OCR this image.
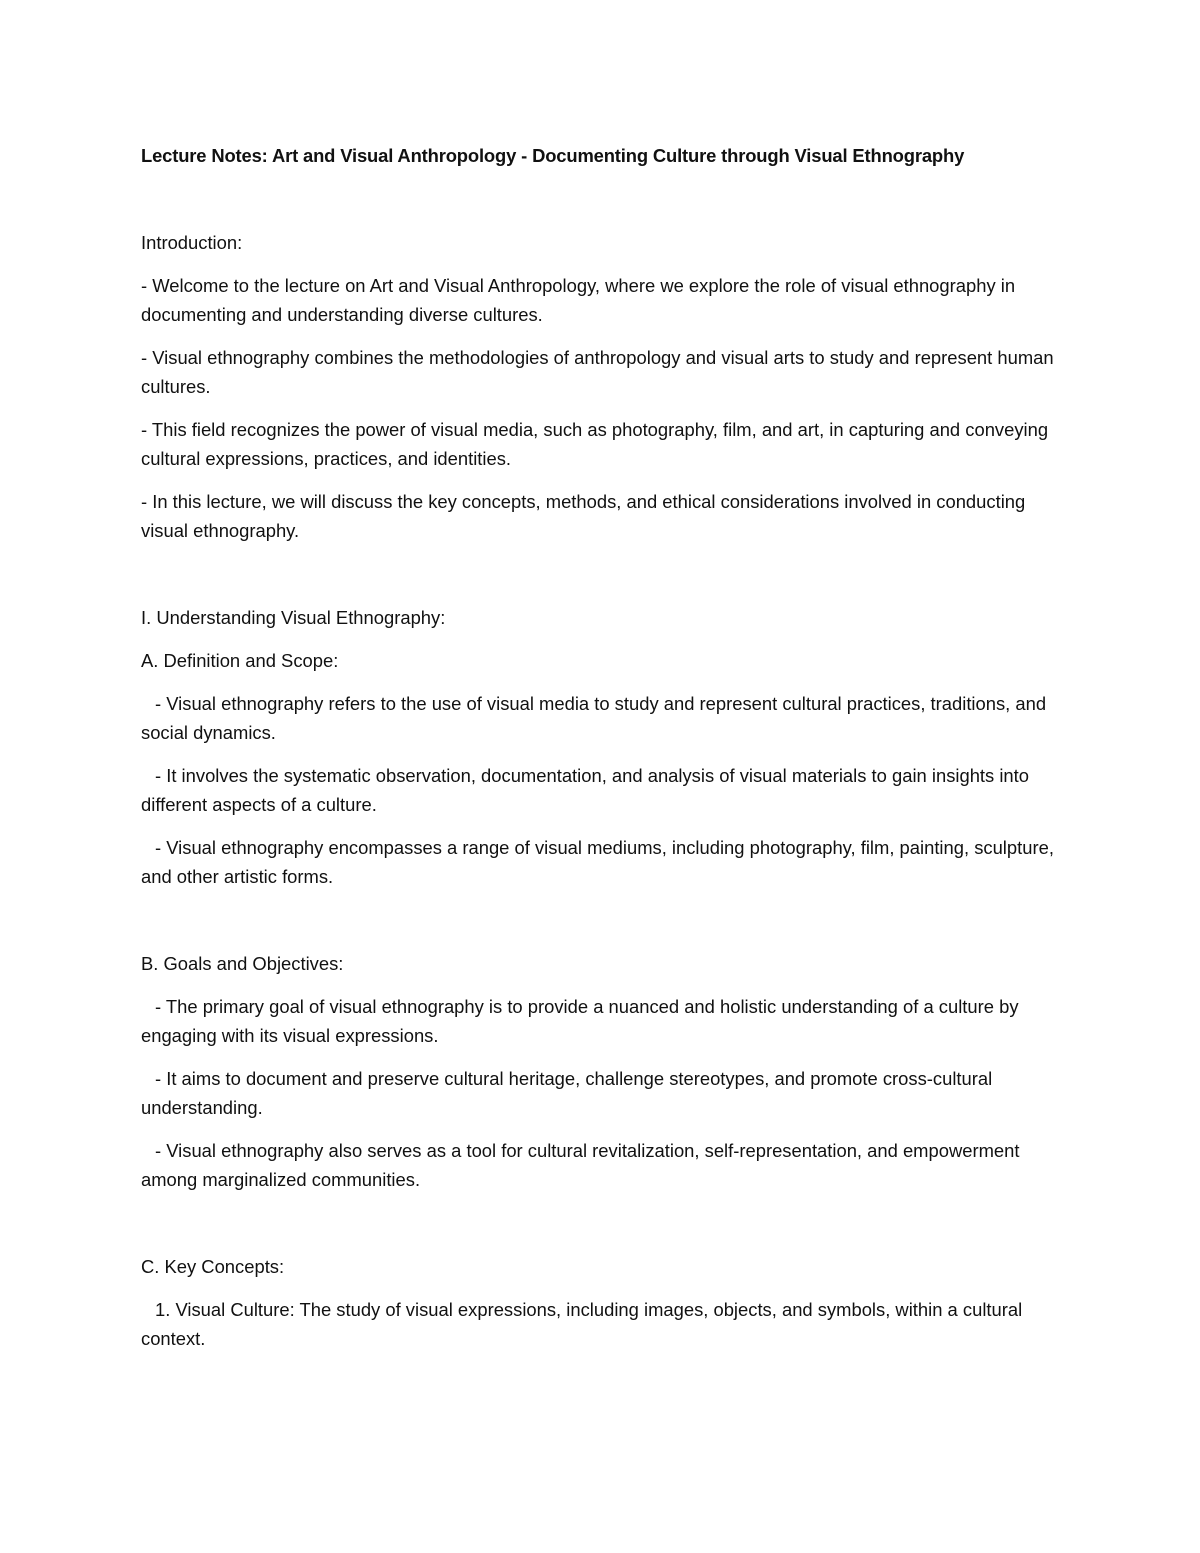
Lecture Notes: Art and Visual Anthropology - Documenting Culture through Visual Ethnography

Introduction:

- Welcome to the lecture on Art and Visual Anthropology, where we explore the role of visual ethnography in documenting and understanding diverse cultures.

- Visual ethnography combines the methodologies of anthropology and visual arts to study and represent human cultures.

- This field recognizes the power of visual media, such as photography, film, and art, in capturing and conveying cultural expressions, practices, and identities.

- In this lecture, we will discuss the key concepts, methods, and ethical considerations involved in conducting visual ethnography.

I. Understanding Visual Ethnography:

A. Definition and Scope:

- Visual ethnography refers to the use of visual media to study and represent cultural practices, traditions, and social dynamics.

- It involves the systematic observation, documentation, and analysis of visual materials to gain insights into different aspects of a culture.

- Visual ethnography encompasses a range of visual mediums, including photography, film, painting, sculpture, and other artistic forms.

B. Goals and Objectives:

- The primary goal of visual ethnography is to provide a nuanced and holistic understanding of a culture by engaging with its visual expressions.

- It aims to document and preserve cultural heritage, challenge stereotypes, and promote cross-cultural understanding.

- Visual ethnography also serves as a tool for cultural revitalization, self-representation, and empowerment among marginalized communities.

C. Key Concepts:

1. Visual Culture: The study of visual expressions, including images, objects, and symbols, within a cultural context.
